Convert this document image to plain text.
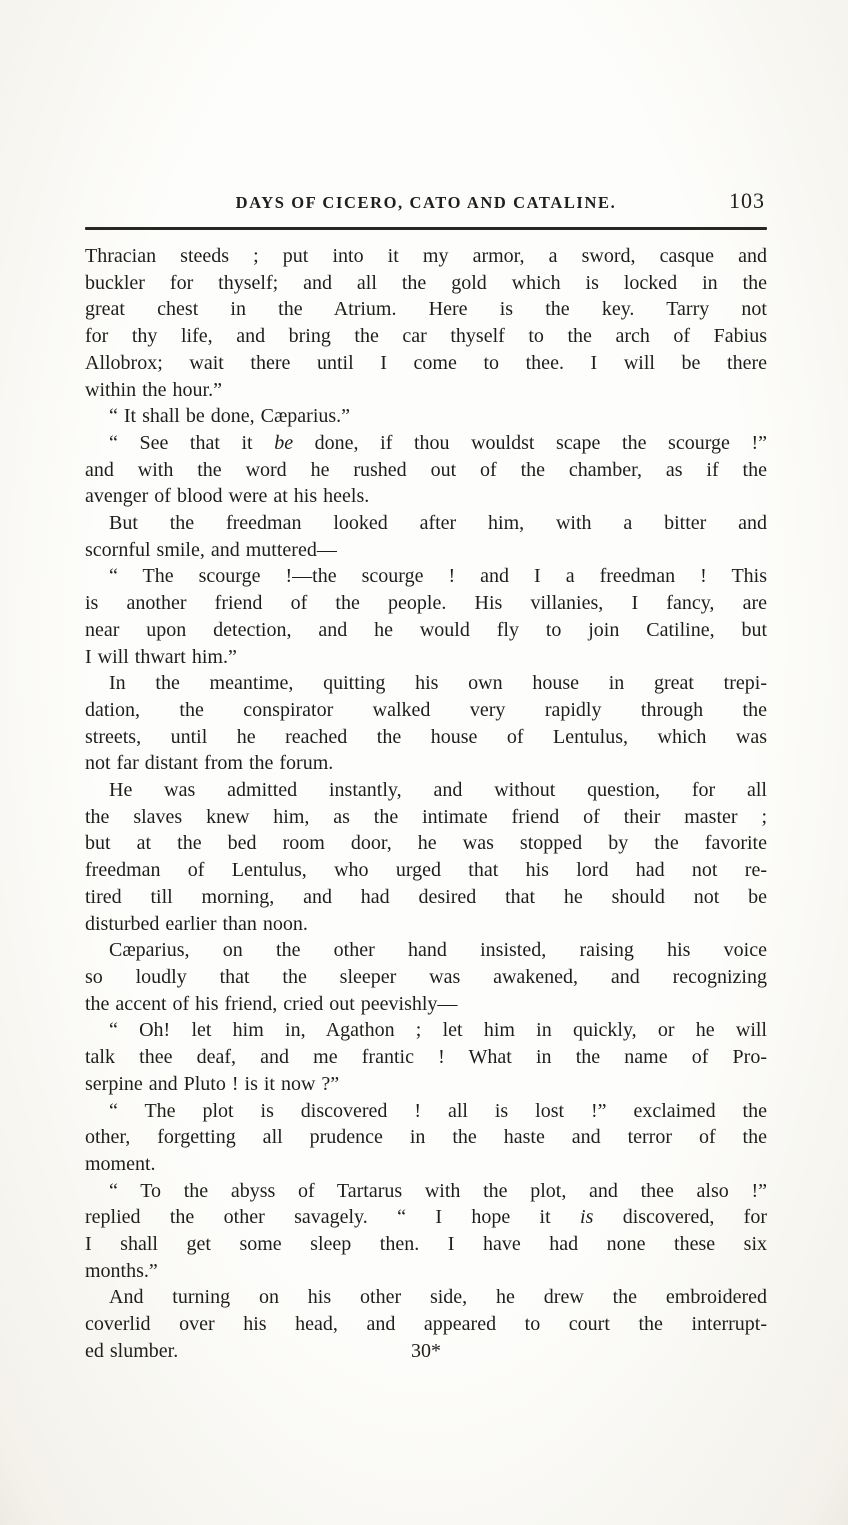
DAYS OF CICERO, CATO AND CATALINE.	103
Thracian steeds ; put into it my armor, a sword, casque and
buckler for thyself; and all the gold which is locked in the
great chest in the Atrium. Here is the key. Tarry not
for thy life, and bring the car thyself to the arch of Fabius
Allobrox; wait there until I come to thee. I will be there
within the hour.”
“ It shall be done, Cæparius.”
“ See that it be done, if thou wouldst scape the scourge !”
and with the word he rushed out of the chamber, as if the
avenger of blood were at his heels.
But the freedman looked after him, with a bitter and
scornful smile, and muttered—
“ The scourge !—the scourge ! and I a freedman ! This
is another friend of the people. His villanies, I fancy, are
near upon detection, and he would fly to join Catiline, but
I will thwart him.”
In the meantime, quitting his own house in great trepi-
dation, the conspirator walked very rapidly through the
streets, until he reached the house of Lentulus, which was
not far distant from the forum.
He was admitted instantly, and without question, for all
the slaves knew him, as the intimate friend of their master ;
but at the bed room door, he was stopped by the favorite
freedman of Lentulus, who urged that his lord had not re-
tired till morning, and had desired that he should not be
disturbed earlier than noon.
Cæparius, on the other hand insisted, raising his voice
so loudly that the sleeper was awakened, and recognizing
the accent of his friend, cried out peevishly—
“ Oh! let him in, Agathon ; let him in quickly, or he will
talk thee deaf, and me frantic ! What in the name of Pro-
serpine and Pluto ! is it now ?”
“ The plot is discovered ! all is lost !” exclaimed the
other, forgetting all prudence in the haste and terror of the
moment.
“ To the abyss of Tartarus with the plot, and thee also !”
replied the other savagely. “ I hope it is discovered, for
I shall get some sleep then. I have had none these six
months.”
And turning on his other side, he drew the embroidered
coverlid over his head, and appeared to court the interrupt-
ed slumber.	30*
